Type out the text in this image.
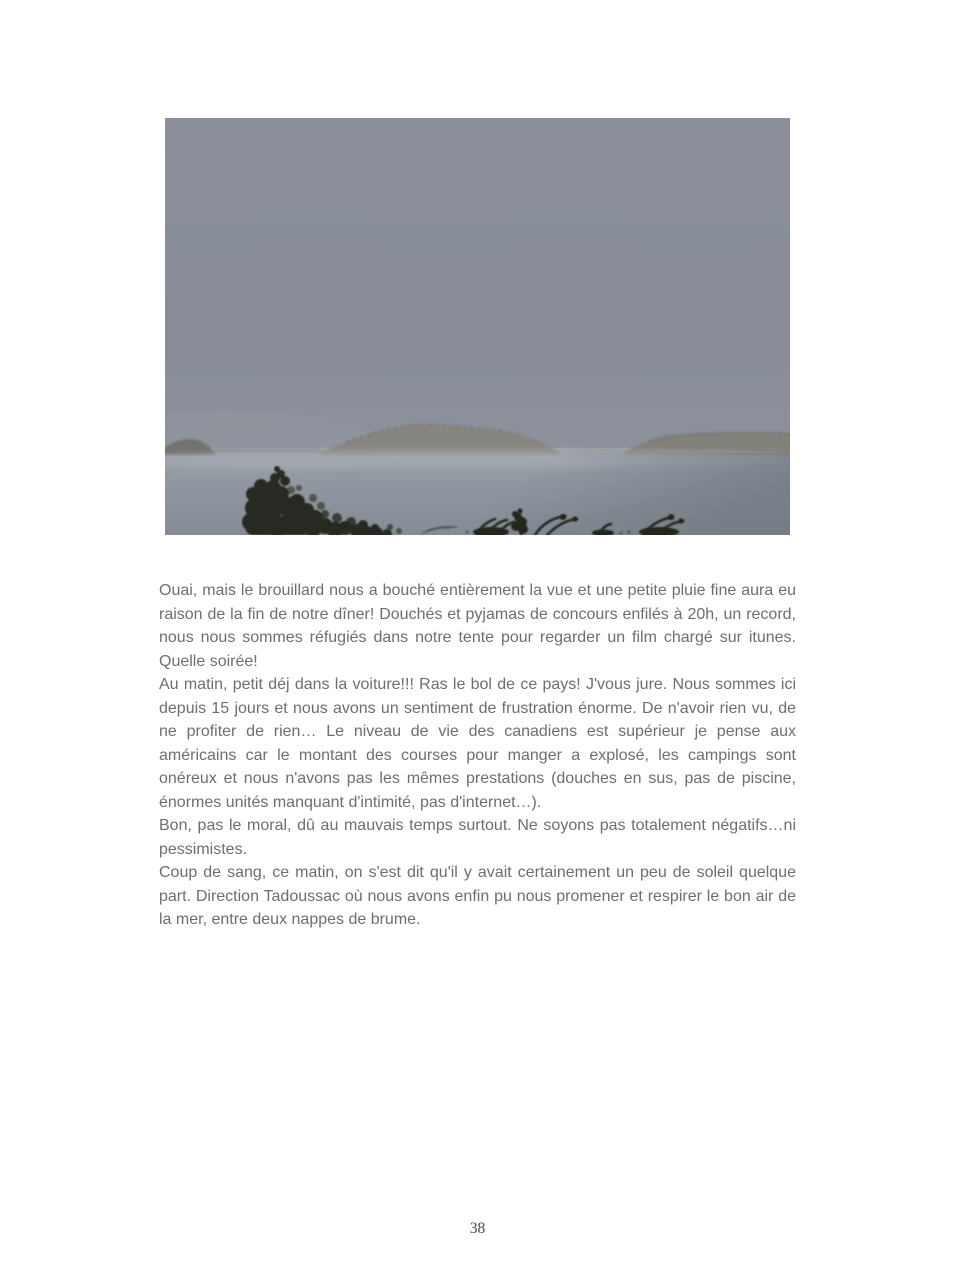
Ouai, mais le brouillard nous a bouché entièrement la vue et une petite pluie fine aura eu raison de la fin de notre dîner! Douchés et pyjamas de concours enfilés à 20h, un record, nous nous sommes réfugiés dans notre tente pour regarder un film chargé sur itunes. Quelle soirée!

Au matin, petit déj dans la voiture!!! Ras le bol de ce pays! J'vous jure. Nous sommes ici depuis 15 jours et nous avons un sentiment de frustration énorme. De n'avoir rien vu, de ne profiter de rien… Le niveau de vie des canadiens est supérieur je pense aux américains car le montant des courses pour manger a explosé, les campings sont onéreux et nous n'avons pas les mêmes prestations (douches en sus, pas de piscine, énormes unités manquant d'intimité, pas d'internet…).

Bon, pas le moral, dû au mauvais temps surtout. Ne soyons pas totalement négatifs…ni pessimistes.

Coup de sang, ce matin, on s'est dit qu'il y avait certainement un peu de soleil quelque part. Direction Tadoussac où nous avons enfin pu nous promener et respirer le bon air de la mer, entre deux nappes de brume.

38
